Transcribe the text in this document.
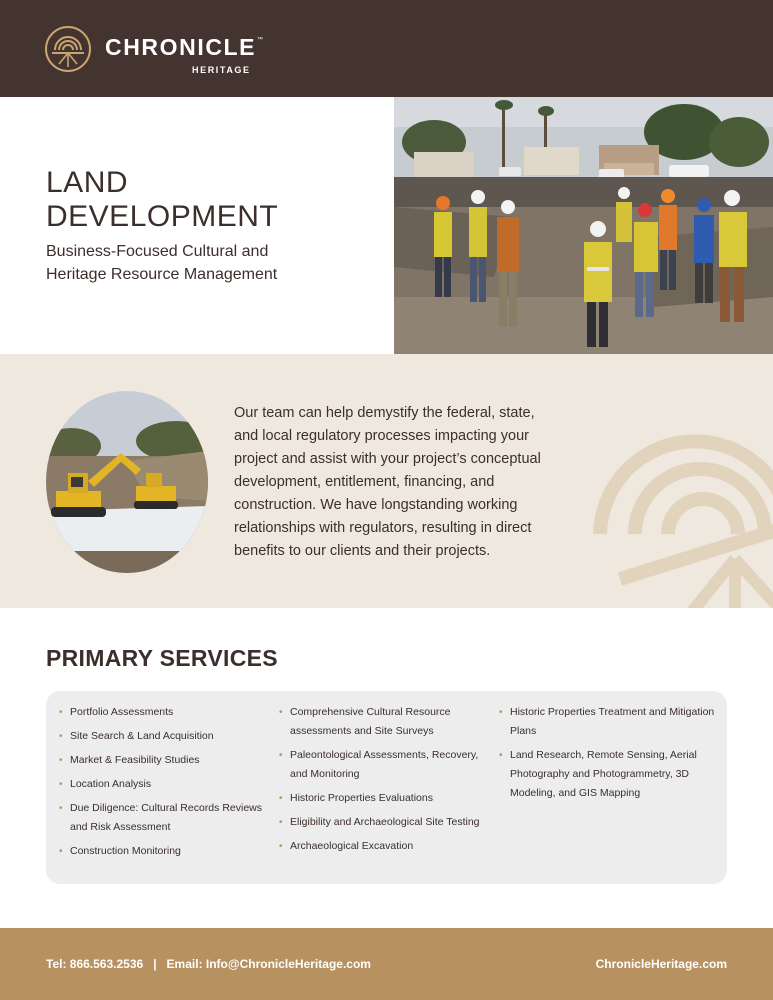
CHRONICLE ™
HERITAGE
LAND
DEVELOPMENT
Business-Focused Cultural and
Heritage Resource Management

Our team can help demystify the federal, state, and local regulatory processes impacting your project and assist with your project’s conceptual development, entitlement, financing, and construction. We have longstanding working relationships with regulators, resulting in direct benefits to our clients and their projects.

PRIMARY SERVICES
• Portfolio Assessments
• Site Search & Land Acquisition
• Market & Feasibility Studies
• Location Analysis
• Due Diligence: Cultural Records Reviews and Risk Assessment
• Construction Monitoring
• Comprehensive Cultural Resource assessments and Site Surveys
• Paleontological Assessments, Recovery, and Monitoring
• Historic Properties Evaluations
• Eligibility and Archaeological Site Testing
• Archaeological Excavation
• Historic Properties Treatment and Mitigation Plans
• Land Research, Remote Sensing, Aerial Photography and Photogrammetry, 3D Modeling, and GIS Mapping
Tel: 866.563.2536 | Email: Info@ChronicleHeritage.com	ChronicleHeritage.com
